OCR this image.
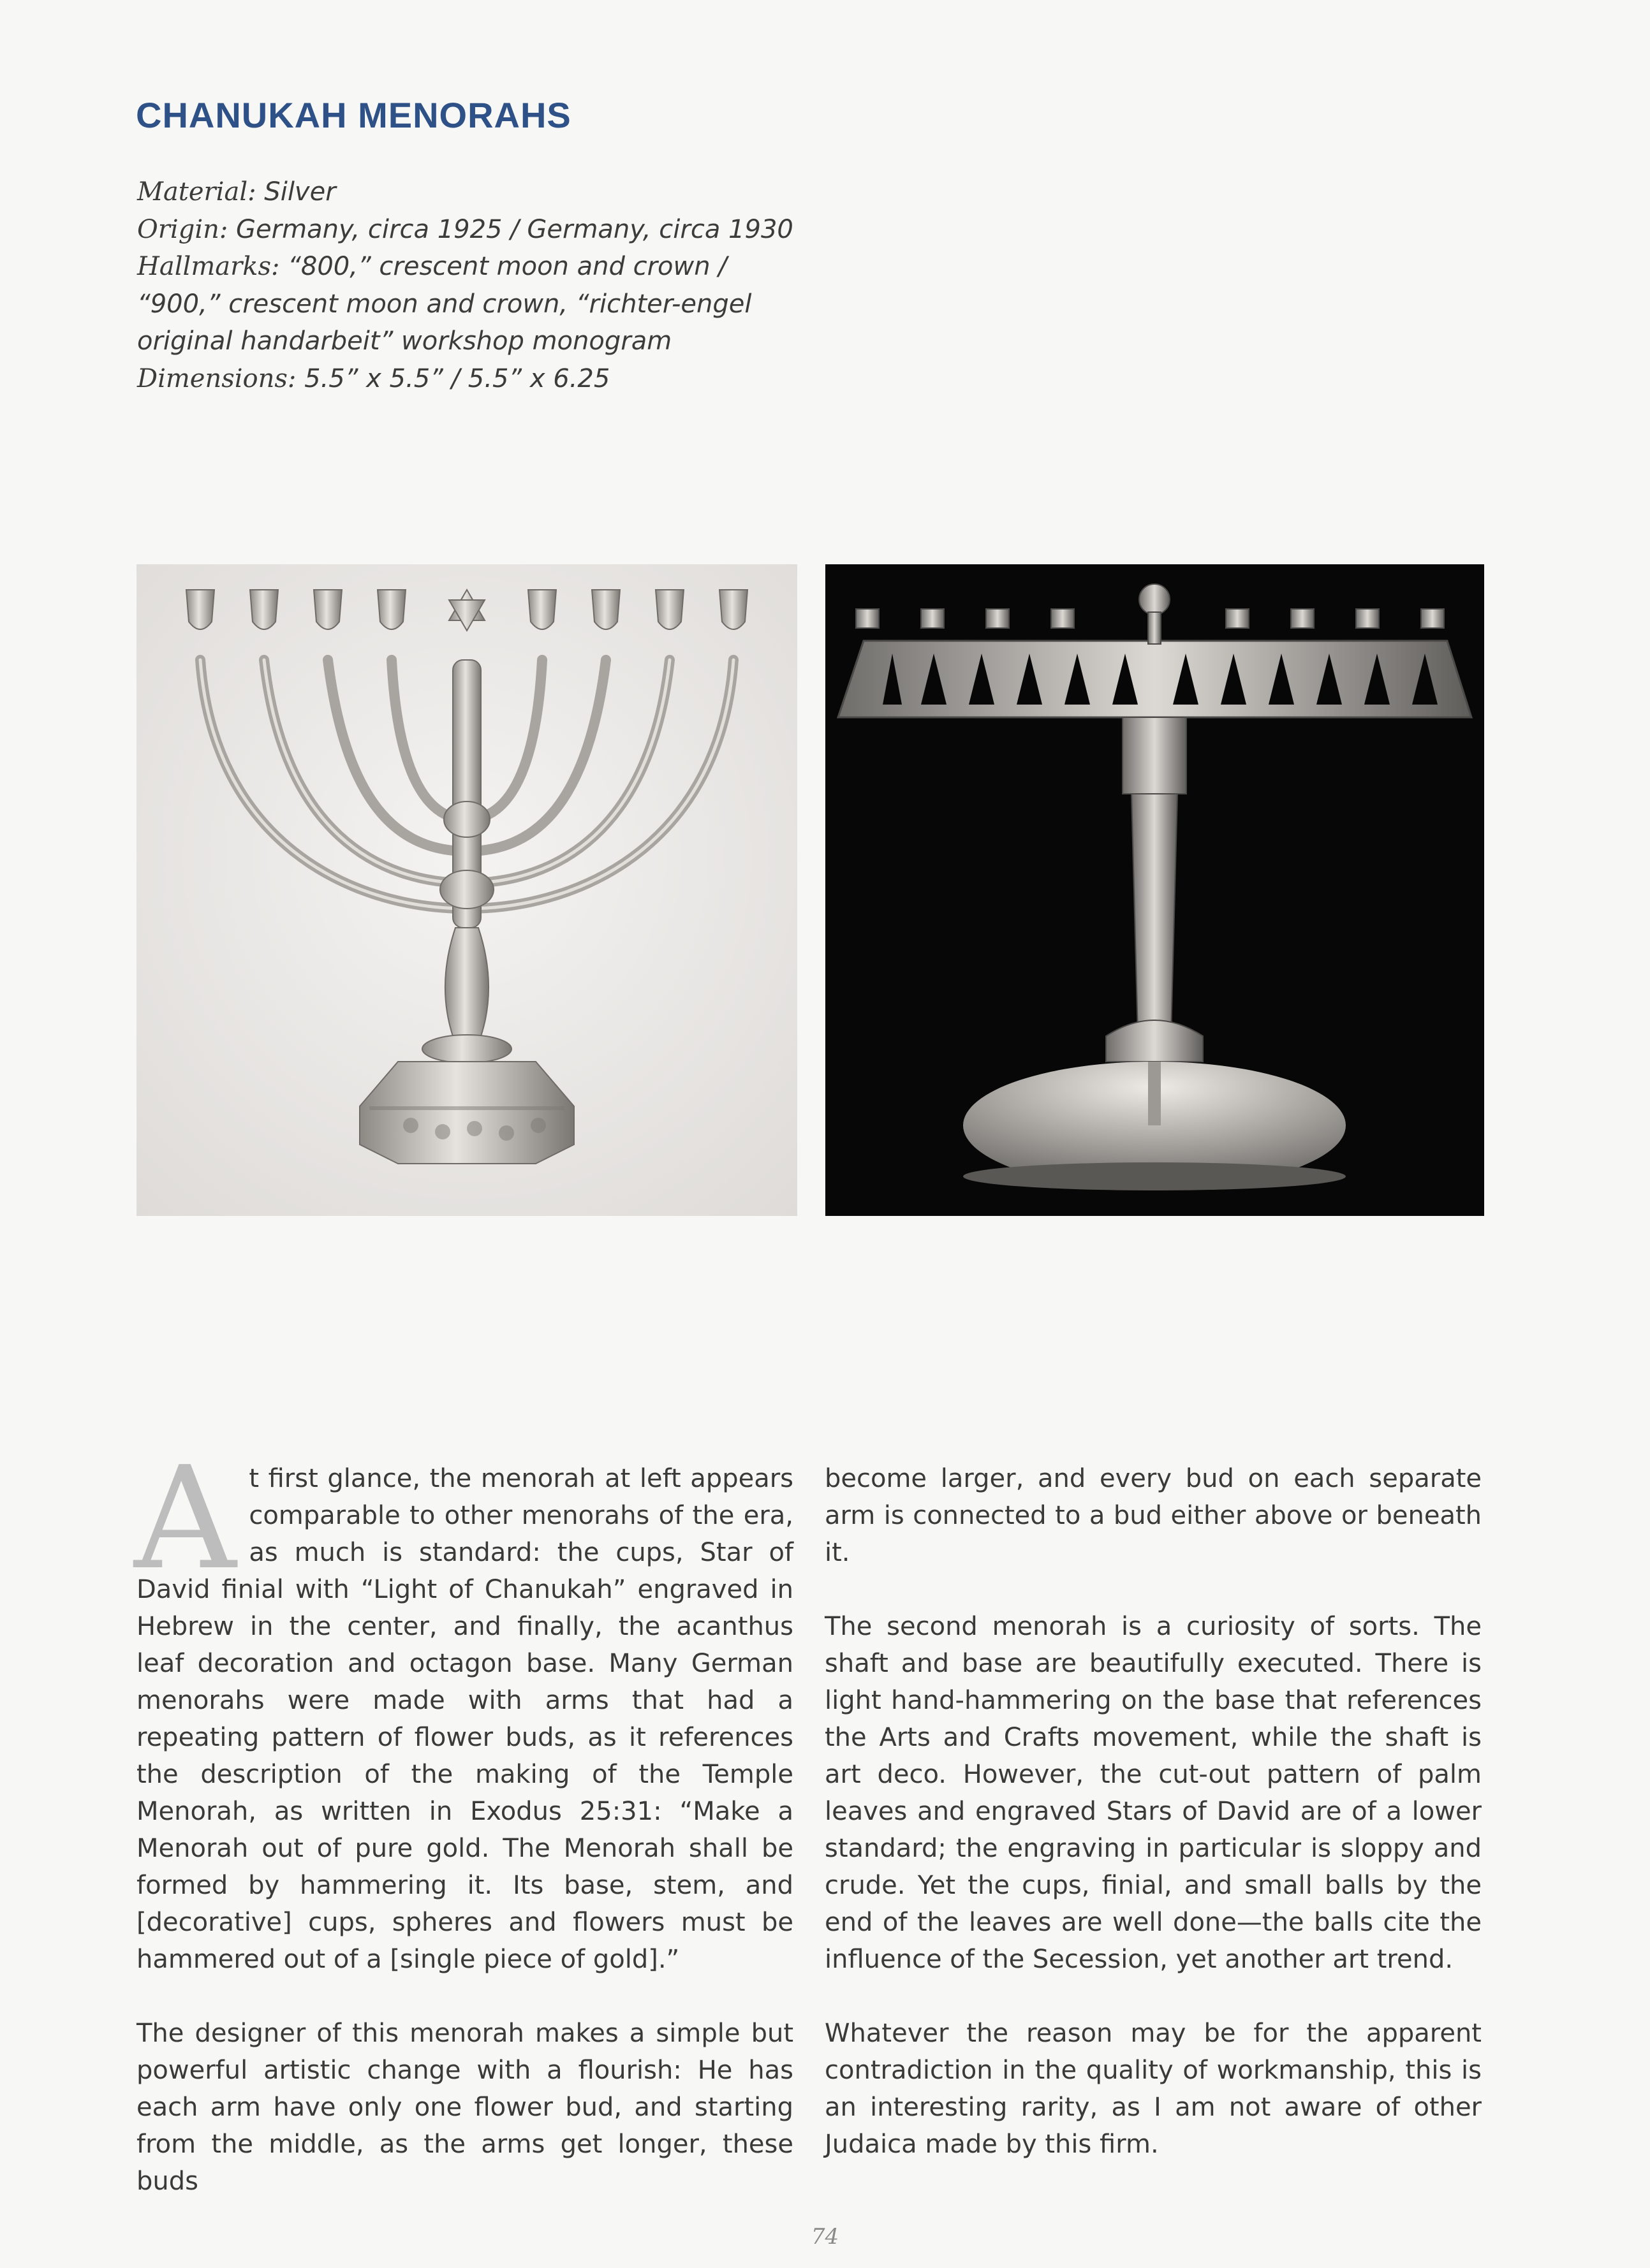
CHANUKAH MENORAHS
Material: Silver
Origin: Germany, circa 1925 / Germany, circa 1930
Hallmarks: “800,” crescent moon and crown /
“900,” crescent moon and crown, “richter-engel
original handarbeit” workshop monogram
Dimensions: 5.5” x 5.5” / 5.5” x 6.25

At first glance, the menorah at left appears comparable to other menorahs of the era, as much is standard: the cups, Star of David finial with “Light of Chanukah” engraved in Hebrew in the center, and finally, the acanthus leaf decoration and octagon base. Many German menorahs were made with arms that had a repeating pattern of flower buds, as it references the description of the making of the Temple Menorah, as written in Exodus 25:31: “Make a Menorah out of pure gold. The Menorah shall be formed by hammering it. Its base, stem, and [decorative] cups, spheres and flowers must be hammered out of a [single piece of gold].”

The designer of this menorah makes a simple but powerful artistic change with a flourish: He has each arm have only one flower bud, and starting from the middle, as the arms get longer, these buds

become larger, and every bud on each separate arm is connected to a bud either above or beneath it.

The second menorah is a curiosity of sorts. The shaft and base are beautifully executed. There is light hand-hammering on the base that references the Arts and Crafts movement, while the shaft is art deco. However, the cut-out pattern of palm leaves and engraved Stars of David are of a lower standard; the engraving in particular is sloppy and crude. Yet the cups, finial, and small balls by the end of the leaves are well done—the balls cite the influence of the Secession, yet another art trend.

Whatever the reason may be for the apparent contradiction in the quality of workmanship, this is an interesting rarity, as I am not aware of other Judaica made by this firm.

74
